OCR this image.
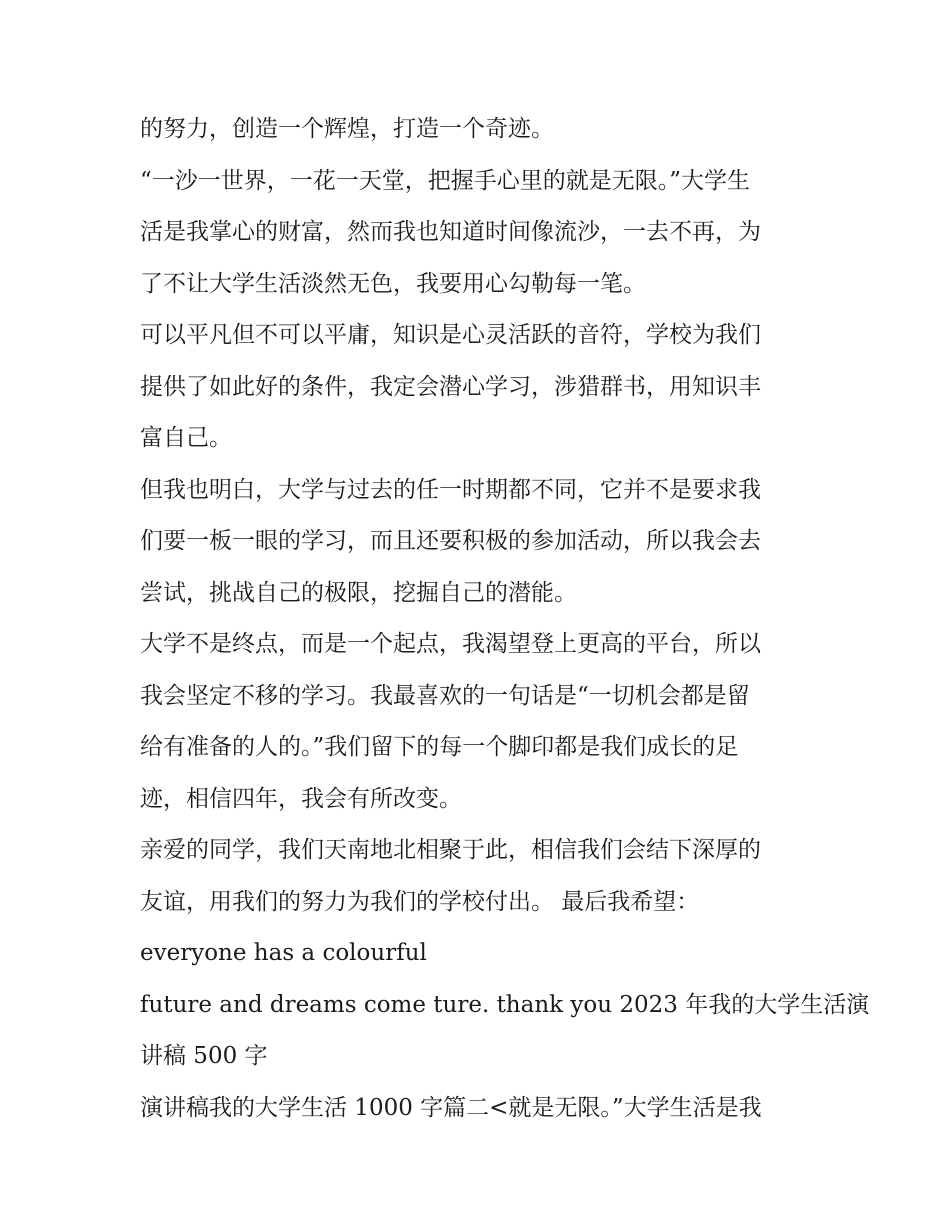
的努力，创造一个辉煌，打造一个奇迹。

“一沙一世界，一花一天堂，把握手心里的就是无限。”大学生
活是我掌心的财富，然而我也知道时间像流沙，一去不再，为
了不让大学生活淡然无色，我要用心勾勒每一笔。

可以平凡但不可以平庸，知识是心灵活跃的音符，学校为我们
提供了如此好的条件，我定会潜心学习，涉猎群书，用知识丰
富自己。

但我也明白，大学与过去的任一时期都不同，它并不是要求我
们要一板一眼的学习，而且还要积极的参加活动，所以我会去
尝试，挑战自己的极限，挖掘自己的潜能。

大学不是终点，而是一个起点，我渴望登上更高的平台，所以
我会坚定不移的学习。我最喜欢的一句话是“一切机会都是留
给有准备的人的。”我们留下的每一个脚印都是我们成长的足
迹，相信四年，我会有所改变。

亲爱的同学，我们天南地北相聚于此，相信我们会结下深厚的
友谊，用我们的努力为我们的学校付出。 最后我希望：

everyone has a colourful

future and dreams come ture. thank you 2023 年我的大学生活演
讲稿 500 字

演讲稿我的大学生活 1000 字篇二<就是无限。”大学生活是我
